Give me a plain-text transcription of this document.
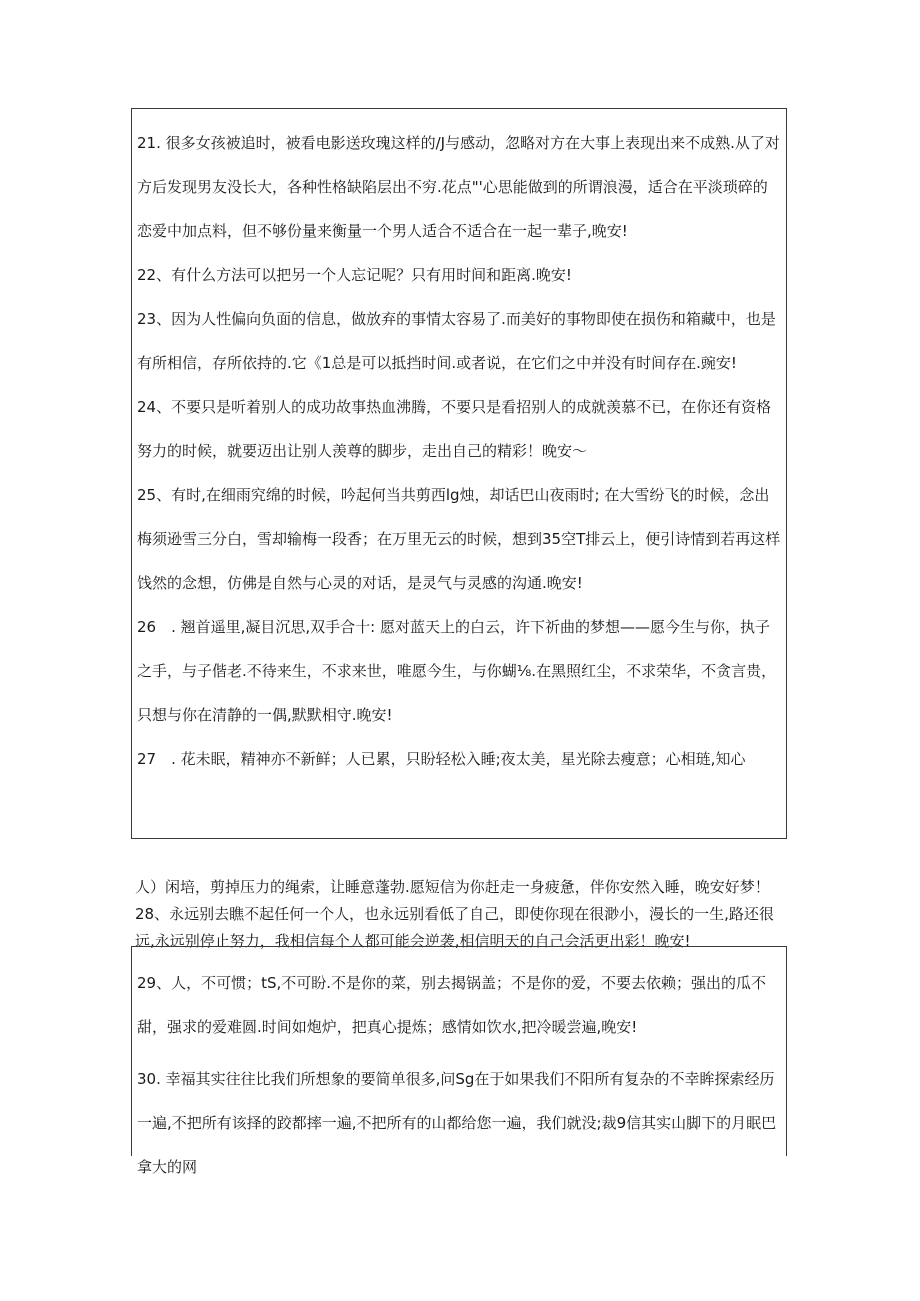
21. 很多女孩被追时，被看电影送玫瑰这样的/J与感动，忽略对方在大事上表现出来不成熟.从了对方后发现男友没长大，各种性格缺陷层出不穷.花点"'心思能做到的所谓浪漫，适合在平淡琐碎的恋爱中加点料，但不够份量来衡量一个男人适合不适合在一起一辈子,晚安!

22、有什么方法可以把另一个人忘记呢？只有用时间和距离.晚安!

23、因为人性偏向负面的信息，做放弃的事情太容易了.而美好的事物即使在损伤和箱藏中，也是有所相信，存所依持的.它《1总是可以抵挡时间.或者说，在它们之中并没有时间存在.豌安!

24、不要只是听着别人的成功故事热血沸腾，不要只是看招别人的成就羡慕不已，在你还有资格努力的时候，就要迈出让别人羡尊的脚步，走出自己的精彩！晚安〜

25、有时,在细雨究绵的时候，吟起何当共剪西lg烛，却话巴山夜雨时; 在大雪纷飞的时候，念出梅须逊雪三分白，雪却输梅一段香；在万里无云的时候，想到35空T排云上，便引诗情到若再这样饯然的念想，仿佛是自然与心灵的对话，是灵气与灵感的沟通.晚安!

26　. 翘首遥里,凝目沉思,双手合十: 愿对蓝天上的白云，许下祈曲的梦想——愿今生与你，执子之手，与子偕老.不待来生，不求来世，唯愿今生，与你蝴⅛.在黑照红尘，不求荣华，不贪言贵，只想与你在清静的一偶,默默相守.晚安!

27　. 花未眠，精神亦不新鲜；人已累，只盼轻松入睡;夜太美，星光除去瘦意；心相琏,知心

人）闲培，剪掉压力的绳索，让睡意蓬勃.愿短信为你赶走一身疲惫，伴你安然入睡，晚安好梦！28、永远别去瞧不起任何一个人，也永远别看低了自己，即使你现在很渺小，漫长的一生,路还很远,永远别停止努力，我相信每个人都可能会逆袭,相信明天的自己会活更出彩！晚安!

29、人，不可惯；tS,不可盼.不是你的菜，别去揭锅盖；不是你的爱，不要去依赖；强出的瓜不甜，强求的爱难圆.时间如炮炉，把真心提炼；感情如饮水,把冷暖尝遍,晚安!

30. 幸福其实往往比我们所想象的要简单很多,问Sg在于如果我们不阳所有复杂的不幸眸探索经历一遍,不把所有该择的跤都摔一遍,不把所有的山都给您一遍，我们就没;裁9信其实山脚下的月眠巴拿大的网
